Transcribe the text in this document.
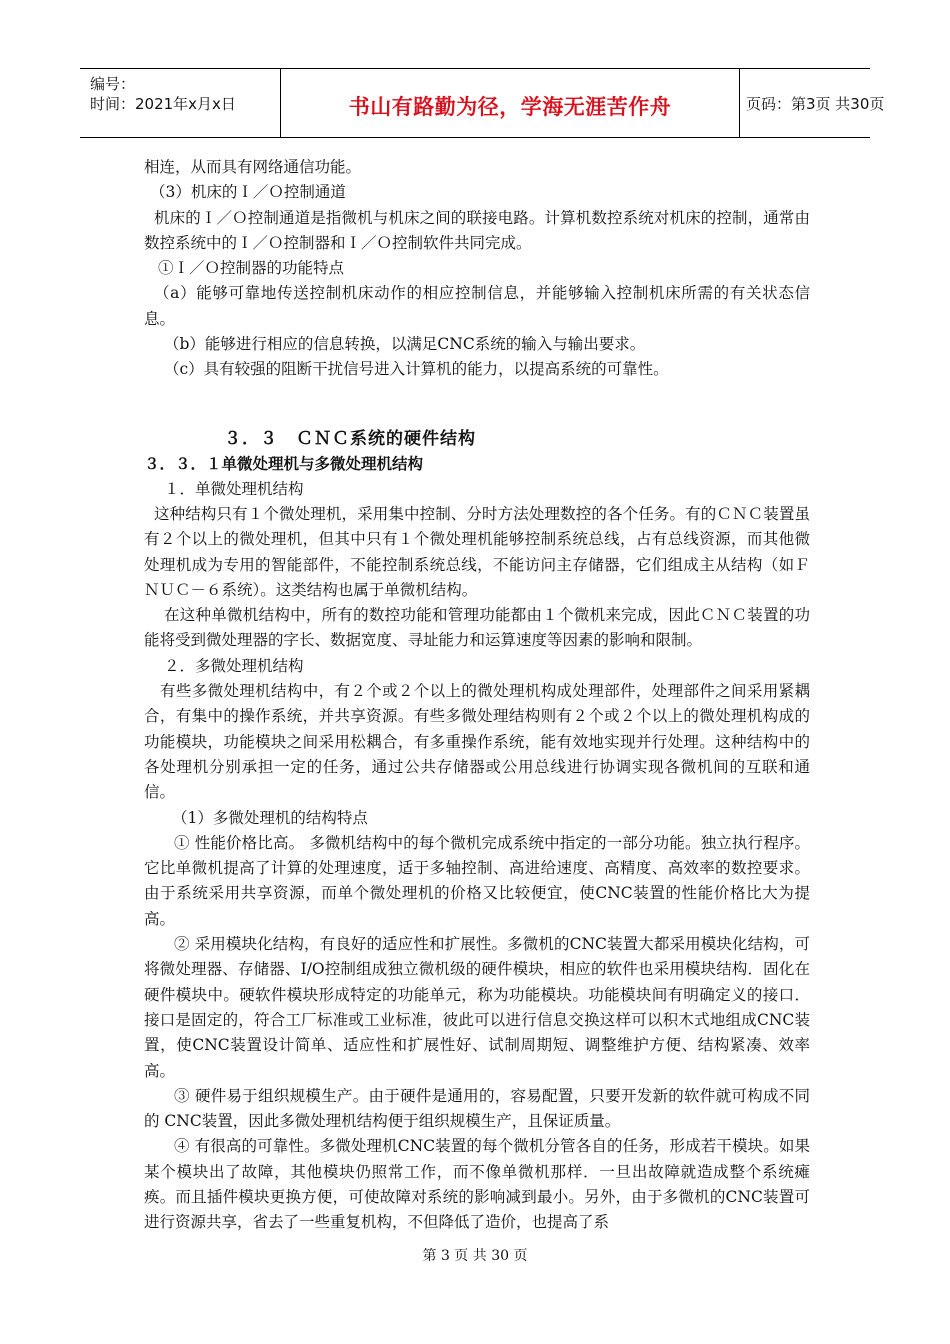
编号：
时间：2021年x月x日	书山有路勤为径，学海无涯苦作舟	页码：第3页 共30页

相连，从而具有网络通信功能。

（3）机床的Ｉ／Ｏ控制通道

机床的Ｉ／Ｏ控制通道是指微机与机床之间的联接电路。计算机数控系统对机床的控制，通常由数控系统中的Ｉ／Ｏ控制器和Ｉ／Ｏ控制软件共同完成。

①Ｉ／Ｏ控制器的功能特点

（a）能够可靠地传送控制机床动作的相应控制信息，并能够输入控制机床所需的有关状态信息。

（b）能够进行相应的信息转换，以满足CNC系统的输入与输出要求。

（c）具有较强的阻断干扰信号进入计算机的能力，以提高系统的可靠性。

３．３　ＣＮＣ系统的硬件结构

３．３．１单微处理机与多微处理机结构

１．单微处理机结构

这种结构只有１个微处理机，采用集中控制、分时方法处理数控的各个任务。有的ＣＮＣ装置虽有２个以上的微处理机，但其中只有１个微处理机能够控制系统总线，占有总线资源，而其他微处理机成为专用的智能部件，不能控制系统总线，不能访问主存储器，它们组成主从结构（如ＦＮＵＣ－６系统）。这类结构也属于单微机结构。

在这种单微机结构中，所有的数控功能和管理功能都由１个微机来完成，因此ＣＮＣ装置的功能将受到微处理器的字长、数据宽度、寻址能力和运算速度等因素的影响和限制。

２．多微处理机结构

有些多微处理机结构中，有２个或２个以上的微处理机构成处理部件，处理部件之间采用紧耦合，有集中的操作系统，并共享资源。有些多微处理结构则有２个或２个以上的微处理机构成的功能模块，功能模块之间采用松耦合，有多重操作系统，能有效地实现并行处理。这种结构中的各处理机分别承担一定的任务，通过公共存储器或公用总线进行协调实现各微机间的互联和通信。

（1）多微处理机的结构特点

① 性能价格比高。 多微机结构中的每个微机完成系统中指定的一部分功能。独立执行程序。它比单微机提高了计算的处理速度，适于多轴控制、高进给速度、高精度、高效率的数控要求。由于系统采用共享资源，而单个微处理机的价格又比较便宜，使CNC装置的性能价格比大为提高。

② 采用模块化结构，有良好的适应性和扩展性。多微机的CNC装置大都采用模块化结构，可将微处理器、存储器、I/O控制组成独立微机级的硬件模块，相应的软件也采用模块结构．固化在硬件模块中。硬软件模块形成特定的功能单元，称为功能模块。功能模块间有明确定义的接口．接口是固定的，符合工厂标准或工业标准，彼此可以进行信息交换这样可以积木式地组成CNC装置，使CNC装置设计简单、适应性和扩展性好、试制周期短、调整维护方便、结构紧凑、效率高。

③ 硬件易于组织规模生产。由于硬件是通用的，容易配置，只要开发新的软件就可构成不同的 CNC装置，因此多微处理机结构便于组织规模生产，且保证质量。

④ 有很高的可靠性。多微处理机CNC装置的每个微机分管各自的任务，形成若干模块。如果某个模块出了故障，其他模块仍照常工作，而不像单微机那样．一旦出故障就造成整个系统瘫痪。而且插件模块更换方便，可使故障对系统的影响减到最小。另外，由于多微机的CNC装置可进行资源共享，省去了一些重复机构，不但降低了造价，也提高了系

第 3 页 共 30 页
